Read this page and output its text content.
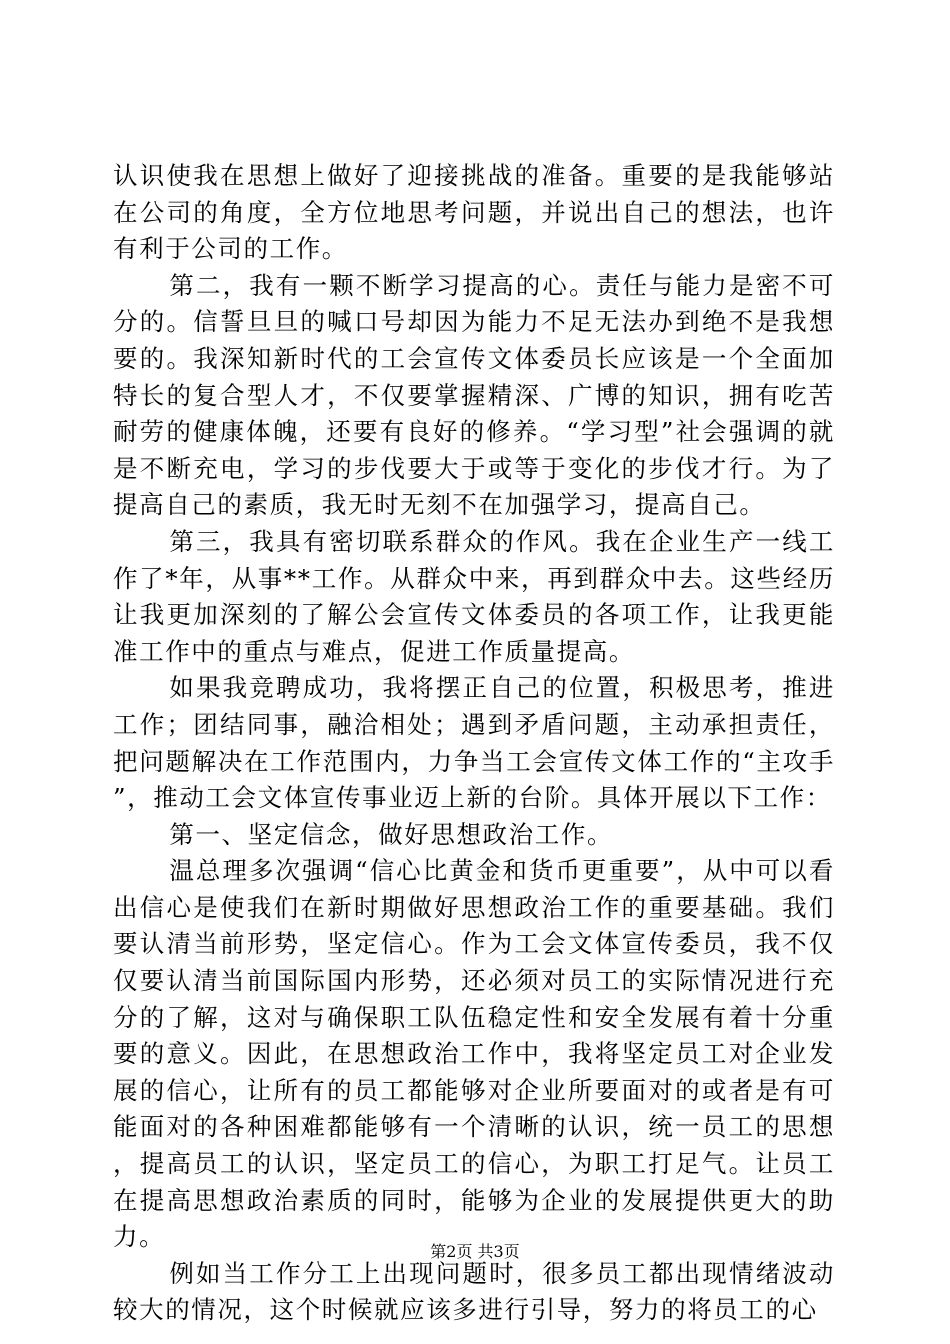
认识使我在思想上做好了迎接挑战的准备。重要的是我能够站在公司的角度，全方位地思考问题，并说出自己的想法，也许有利于公司的工作。

第二，我有一颗不断学习提高的心。责任与能力是密不可分的。信誓旦旦的喊口号却因为能力不足无法办到绝不是我想要的。我深知新时代的工会宣传文体委员长应该是一个全面加特长的复合型人才，不仅要掌握精深、广博的知识，拥有吃苦耐劳的健康体魄，还要有良好的修养。“学习型”社会强调的就是不断充电，学习的步伐要大于或等于变化的步伐才行。为了提高自己的素质，我无时无刻不在加强学习，提高自己。

第三，我具有密切联系群众的作风。我在企业生产一线工作了*年，从事**工作。从群众中来，再到群众中去。这些经历让我更加深刻的了解公会宣传文体委员的各项工作，让我更能准工作中的重点与难点，促进工作质量提高。

如果我竞聘成功，我将摆正自己的位置，积极思考，推进工作；团结同事，融洽相处；遇到矛盾问题，主动承担责任，把问题解决在工作范围内，力争当工会宣传文体工作的“主攻手”，推动工会文体宣传事业迈上新的台阶。具体开展以下工作：

第一、坚定信念，做好思想政治工作。

温总理多次强调“信心比黄金和货币更重要”，从中可以看出信心是使我们在新时期做好思想政治工作的重要基础。我们要认清当前形势，坚定信心。作为工会文体宣传委员，我不仅仅要认清当前国际国内形势，还必须对员工的实际情况进行充分的了解，这对与确保职工队伍稳定性和安全发展有着十分重要的意义。因此，在思想政治工作中，我将坚定员工对企业发展的信心，让所有的员工都能够对企业所要面对的或者是有可能面对的各种困难都能够有一个清晰的认识，统一员工的思想，提高员工的认识，坚定员工的信心，为职工打足气。让员工在提高思想政治素质的同时，能够为企业的发展提供更大的助力。

例如当工作分工上出现问题时，很多员工都出现情绪波动较大的情况，这个时候就应该多进行引导，努力的将员工的心

第2页 共3页
